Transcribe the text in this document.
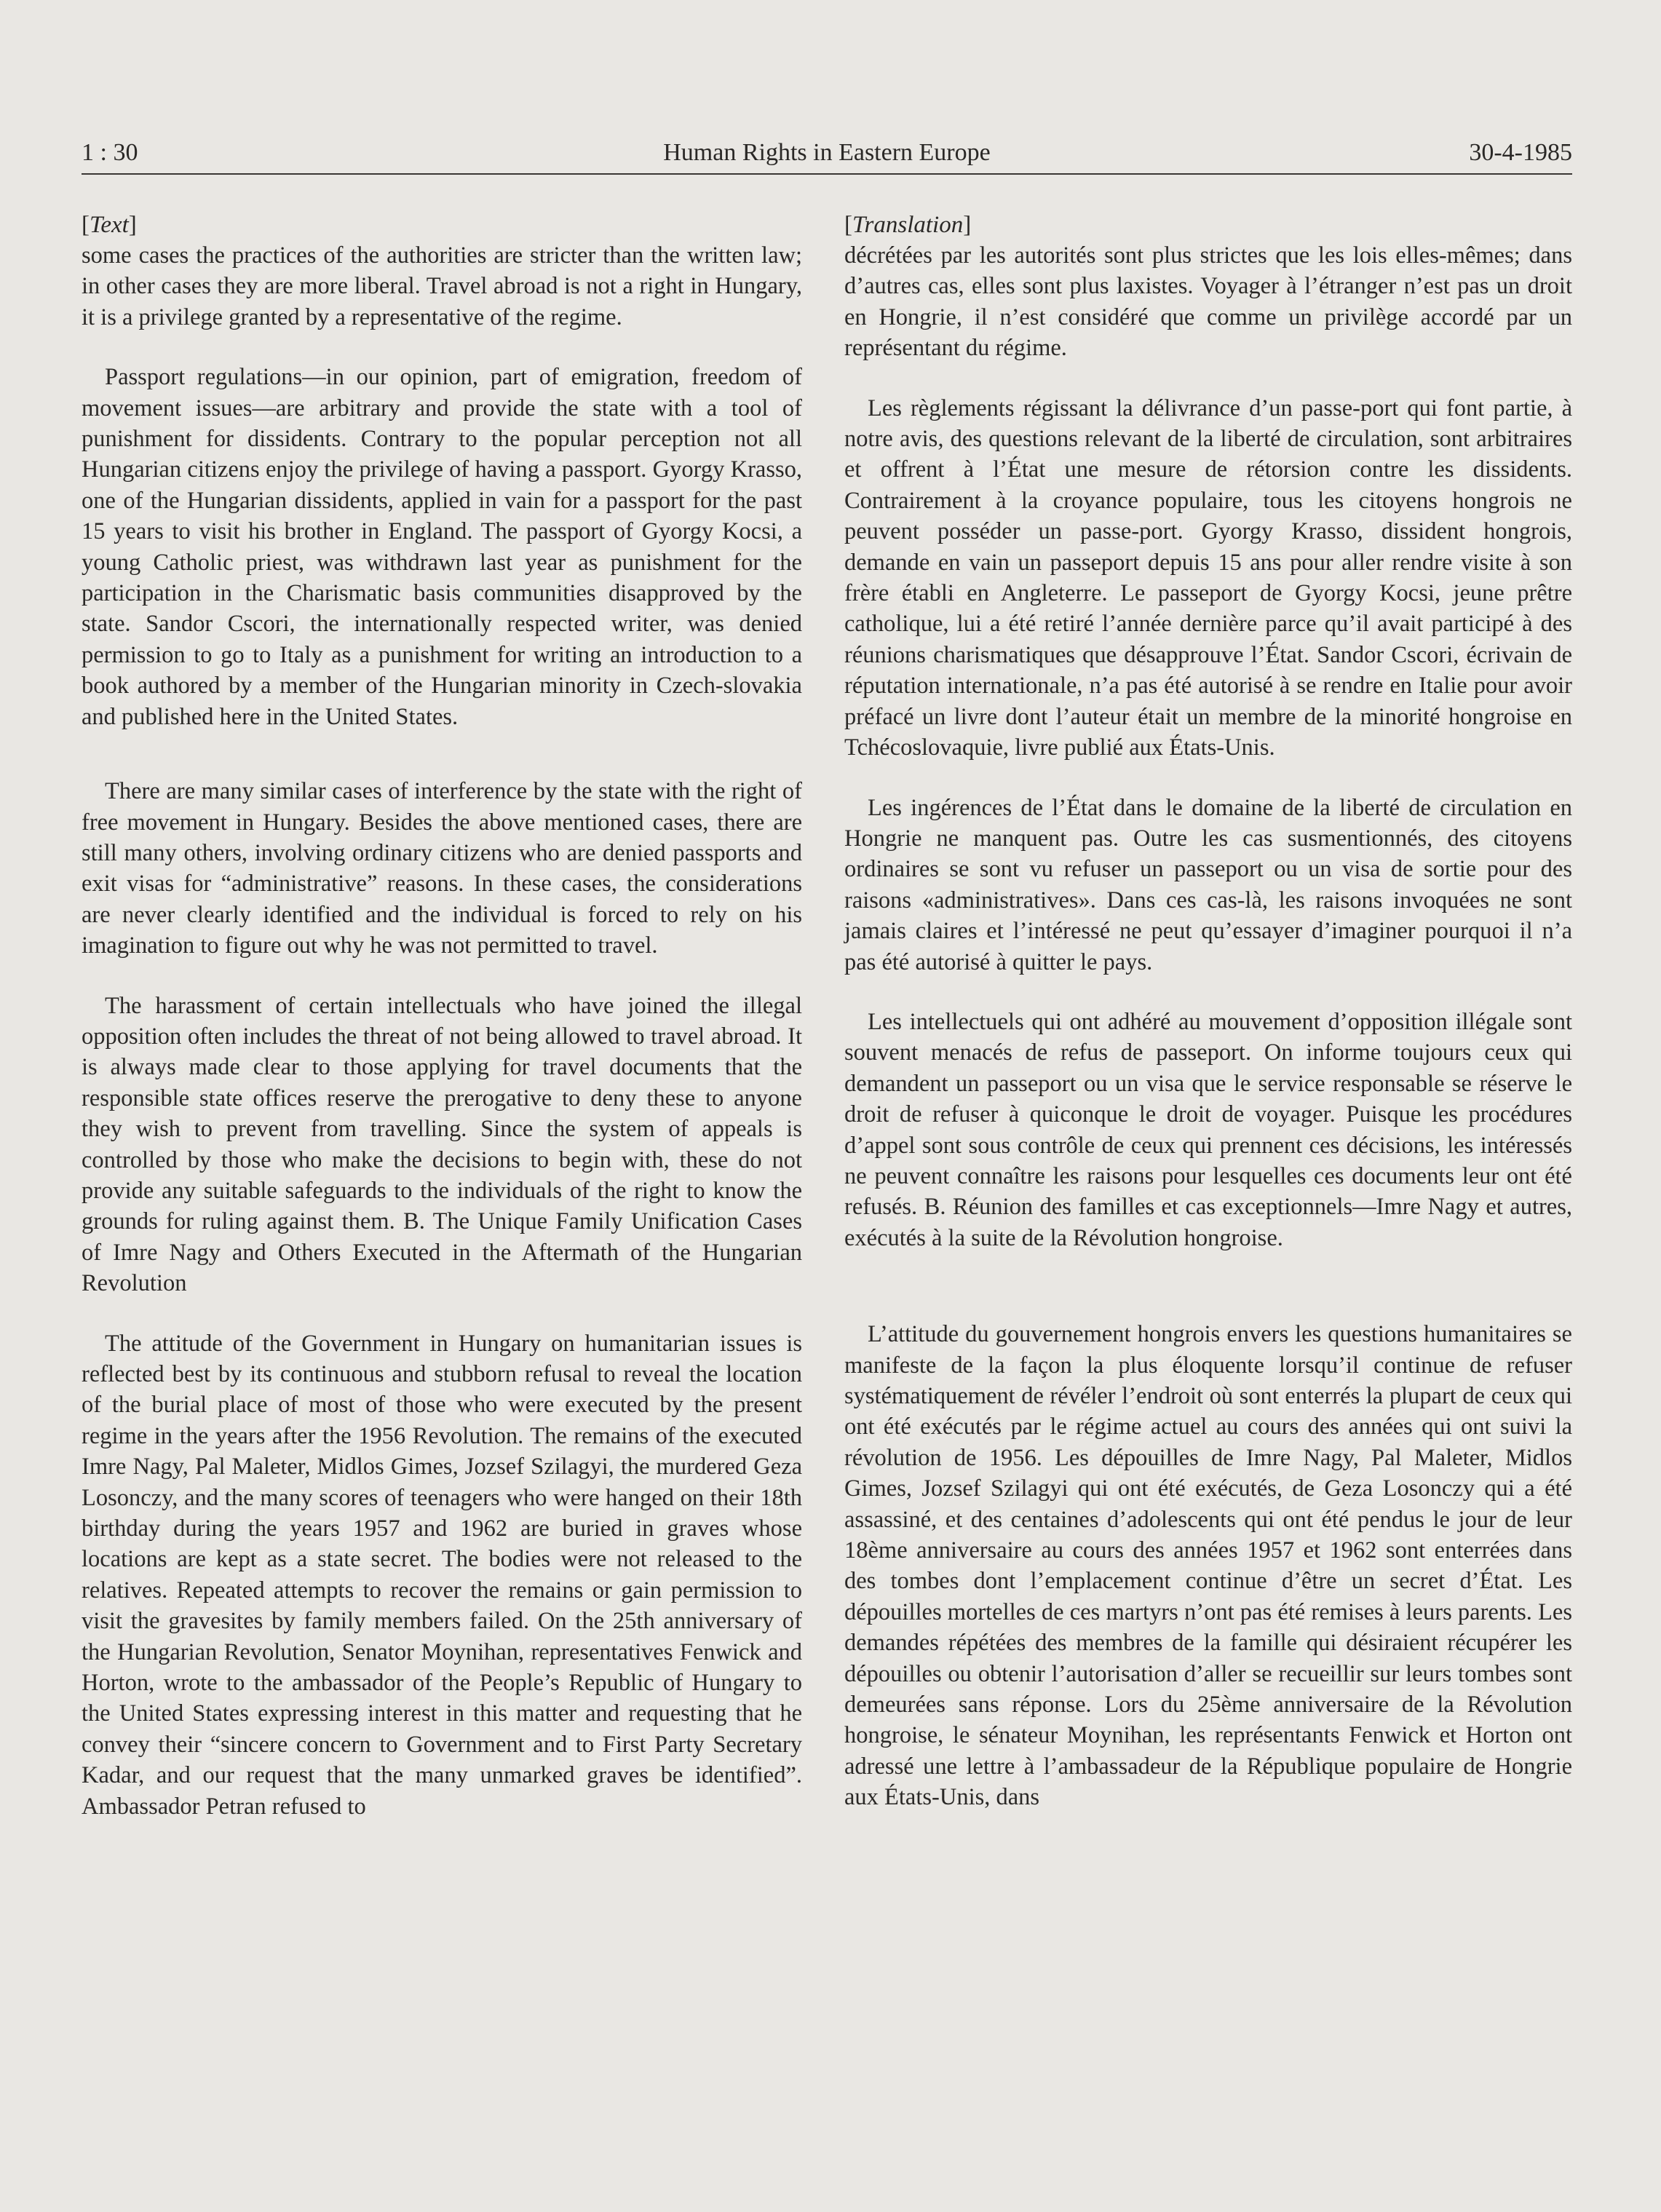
1 : 30	Human Rights in Eastern Europe	30-4-1985
[Text]

some cases the practices of the authorities are stricter than the written law; in other cases they are more liberal. Travel abroad is not a right in Hungary, it is a privilege granted by a representative of the regime.

Passport regulations—in our opinion, part of emigration, freedom of movement issues—are arbitrary and provide the state with a tool of punishment for dissidents. Contrary to the popular perception not all Hungarian citizens enjoy the privilege of having a passport. Gyorgy Krasso, one of the Hungarian dissidents, applied in vain for a passport for the past 15 years to visit his brother in England. The passport of Gyorgy Kocsi, a young Catholic priest, was withdrawn last year as punishment for the participation in the Charismatic basis communities disapproved by the state. Sandor Cscori, the internationally respected writer, was denied permission to go to Italy as a punishment for writing an introduction to a book authored by a member of the Hungarian minority in Czech-slovakia and published here in the United States.

There are many similar cases of interference by the state with the right of free movement in Hungary. Besides the above mentioned cases, there are still many others, involving ordinary citizens who are denied passports and exit visas for “administrative” reasons. In these cases, the considerations are never clearly identified and the individual is forced to rely on his imagination to figure out why he was not permitted to travel.

The harassment of certain intellectuals who have joined the illegal opposition often includes the threat of not being allowed to travel abroad. It is always made clear to those applying for travel documents that the responsible state offices reserve the prerogative to deny these to anyone they wish to prevent from travelling. Since the system of appeals is controlled by those who make the decisions to begin with, these do not provide any suitable safeguards to the individuals of the right to know the grounds for ruling against them. B. The Unique Family Unification Cases of Imre Nagy and Others Executed in the Aftermath of the Hungarian Revolution

The attitude of the Government in Hungary on humanitarian issues is reflected best by its continuous and stubborn refusal to reveal the location of the burial place of most of those who were executed by the present regime in the years after the 1956 Revolution. The remains of the executed Imre Nagy, Pal Maleter, Midlos Gimes, Jozsef Szilagyi, the murdered Geza Losonczy, and the many scores of teenagers who were hanged on their 18th birthday during the years 1957 and 1962 are buried in graves whose locations are kept as a state secret. The bodies were not released to the relatives. Repeated attempts to recover the remains or gain permission to visit the gravesites by family members failed. On the 25th anniversary of the Hungarian Revolution, Senator Moynihan, representatives Fenwick and Horton, wrote to the ambassador of the People’s Republic of Hungary to the United States expressing interest in this matter and requesting that he convey their “sincere concern to Government and to First Party Secretary Kadar, and our request that the many unmarked graves be identified”. Ambassador Petran refused to

[Translation]

décrétées par les autorités sont plus strictes que les lois elles-mêmes; dans d’autres cas, elles sont plus laxistes. Voyager à l’étranger n’est pas un droit en Hongrie, il n’est considéré que comme un privilège accordé par un représentant du régime.

Les règlements régissant la délivrance d’un passe-port qui font partie, à notre avis, des questions relevant de la liberté de circulation, sont arbitraires et offrent à l’État une mesure de rétorsion contre les dissidents. Contrairement à la croyance populaire, tous les citoyens hongrois ne peuvent posséder un passe-port. Gyorgy Krasso, dissident hongrois, demande en vain un passeport depuis 15 ans pour aller rendre visite à son frère établi en Angleterre. Le passeport de Gyorgy Kocsi, jeune prêtre catholique, lui a été retiré l’année dernière parce qu’il avait participé à des réunions charismatiques que désapprouve l’État. Sandor Cscori, écrivain de réputation internationale, n’a pas été autorisé à se rendre en Italie pour avoir préfacé un livre dont l’auteur était un membre de la minorité hongroise en Tchécoslovaquie, livre publié aux États-Unis.

Les ingérences de l’État dans le domaine de la liberté de circulation en Hongrie ne manquent pas. Outre les cas susmentionnés, des citoyens ordinaires se sont vu refuser un passeport ou un visa de sortie pour des raisons «administratives». Dans ces cas-là, les raisons invoquées ne sont jamais claires et l’intéressé ne peut qu’essayer d’imaginer pourquoi il n’a pas été autorisé à quitter le pays.

Les intellectuels qui ont adhéré au mouvement d’opposition illégale sont souvent menacés de refus de passeport. On informe toujours ceux qui demandent un passeport ou un visa que le service responsable se réserve le droit de refuser à quiconque le droit de voyager. Puisque les procédures d’appel sont sous contrôle de ceux qui prennent ces décisions, les intéressés ne peuvent connaître les raisons pour lesquelles ces documents leur ont été refusés. B. Réunion des familles et cas exceptionnels—Imre Nagy et autres, exécutés à la suite de la Révolution hongroise.

L’attitude du gouvernement hongrois envers les questions humanitaires se manifeste de la façon la plus éloquente lorsqu’il continue de refuser systématiquement de révéler l’endroit où sont enterrés la plupart de ceux qui ont été exécutés par le régime actuel au cours des années qui ont suivi la révolution de 1956. Les dépouilles de Imre Nagy, Pal Maleter, Midlos Gimes, Jozsef Szilagyi qui ont été exécutés, de Geza Losonczy qui a été assassiné, et des centaines d’adolescents qui ont été pendus le jour de leur 18ème anniversaire au cours des années 1957 et 1962 sont enterrées dans des tombes dont l’emplacement continue d’être un secret d’État. Les dépouilles mortelles de ces martyrs n’ont pas été remises à leurs parents. Les demandes répétées des membres de la famille qui désiraient récupérer les dépouilles ou obtenir l’autorisation d’aller se recueillir sur leurs tombes sont demeurées sans réponse. Lors du 25ème anniversaire de la Révolution hongroise, le sénateur Moynihan, les représentants Fenwick et Horton ont adressé une lettre à l’ambassadeur de la République populaire de Hongrie aux États-Unis, dans
